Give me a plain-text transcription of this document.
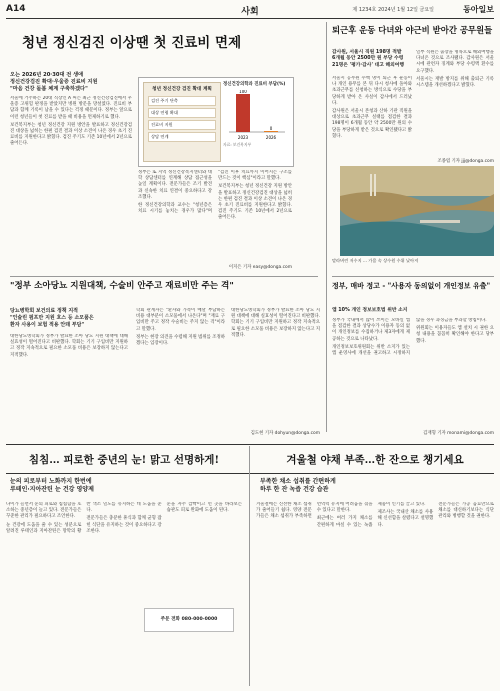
A14	사회	제 1234호 2024년 1월 12일 금요일	동아일보
청년 정신검진 이상땐 첫 진료비 면제
오는 2026년 20·30대 전 생애
정신건강검진 확대·우울증 진료비 지원
"마음 건강 돌봄 체계 구축하겠다"

서울에 거주하는 20대 직장인 A 씨는 최근 정신건강검진에서 우울증 고위험 판정을 받았지만 병원 방문을 망설였다. 진료비 부담과 함께 기록이 남을 수 있다는 걱정 때문이다. 정부는 앞으로 이런 청년들이 첫 진료를 받을 때 비용을 면제하기로 했다.

보건복지부는 청년 정신건강 지원 방안을 발표하고 정신건강검진 대상을 넓히는 한편 검진 결과 이상 소견이 나온 경우 초기 진료비를 지원한다고 밝혔다. 검진 주기도 기존 10년에서 2년으로 줄어든다.

청년 정신건강 검진 확대 계획
검진 주기 단축
대상 연령 확대
진료비 지원
상담 연계
정신건강의학과 진료비 부담(%)
100
2023
0
2026
자료: 보건복지부

정부는 또 지역 정신건강복지센터와 대학 상담센터를 연계해 상담 접근성을 높일 계획이다. 전문가들은 조기 발견과 신속한 치료 연결이 중요하다고 강조했다.

한 정신건강의학과 교수는 "청년층은 치료 시기를 놓치는 경우가 많다"며 "검진 이후 치료까지 이어지는 구조를 만드는 것이 핵심"이라고 말했다.

보건복지부는 청년 정신건강 지원 방안을 발표하고 정신건강검진 대상을 넓히는 한편 검진 결과 이상 소견이 나온 경우 초기 진료비를 지원한다고 밝혔다. 검진 주기도 기존 10년에서 2년으로 줄어든다.

이지은 기자 easy@donga.com
"정부 소아당뇨 지원대책, 수술비 안주고 재료비만 주는 격"
당뇨병학회 보건의료 정책 지적
"인슐린 펌프만 지원 호스 등 소모품은
환자 사용이 보험 적용 안돼 부담"

대한당뇨병학회가 정부가 발표한 소아 당뇨 지원 대책에 대해 실효성이 떨어진다고 비판했다. 학회는 기기 구입비만 지원하고 정작 지속적으로 필요한 소모품 비용은 보장하지 않는다고 지적했다.

학회 관계자는 "환자와 가족이 매달 부담하는 비용 대부분이 소모품에서 나온다"며 "재료 구입비만 주고 정작 수술비는 주지 않는 격"이라고 말했다.

정부는 현장 의견을 수렴해 지원 범위를 조정하겠다는 입장이다.

대한당뇨병학회가 정부가 발표한 소아 당뇨 지원 대책에 대해 실효성이 떨어진다고 비판했다. 학회는 기기 구입비만 지원하고 정작 지속적으로 필요한 소모품 비용은 보장하지 않는다고 지적했다.

김도현 기자 dohyun@donga.com
퇴근후 운동 다녀와 야근비 받아간 공무원들
감사원, 서울시 직원 198명 적발
6개월 동안 2500만 원 부당 수령
21명은 '평가·감사' 대고 해외여행

서울시 공무원 수백 명이 퇴근 후 운동이나 개인 용무를 본 뒤 다시 청사에 돌아와 초과근무를 신청하는 방식으로 수당을 부당하게 받아 온 사실이 감사에서 드러났다.

감사원은 서울시 본청과 산하 기관 직원을 대상으로 초과근무 실태를 점검한 결과 198명이 6개월 동안 약 2500만 원의 수당을 부당하게 받은 것으로 확인됐다고 밝혔다.

일부 직원은 출장을 명목으로 해외여행을 다녀온 것으로 조사됐다. 감사원은 서울시에 관련자 징계와 부당 수령액 환수를 요구했다.

서울시는 재발 방지를 위해 출퇴근 기록 시스템을 개선하겠다고 밝혔다.

조종엽 기자 jjj@donga.com
말라버린 저수지 ... 가뭄 속 상수원 수위 낮아져
정부, 매바 정고 - "사용자 동의없이 개인정보 유출"
앱 10% 개인 정보보호법 위반 소지

정부가 국내에서 많이 쓰이는 모바일 앱을 점검한 결과 상당수가 이용자 동의 없이 개인정보를 수집하거나 제3자에게 제공하는 것으로 나타났다.

개인정보보호위원회는 위반 소지가 있는 앱 운영사에 개선을 권고하고 시정하지 않을 경우 과징금을 부과할 방침이다.

위원회는 이용자들도 앱 설치 시 권한 요청 내용을 꼼꼼히 확인해야 한다고 당부했다.

김재형 기자 monami@donga.com
침침… 피로한 중년의 눈! 맑고 선명하게!	겨울철 야채 부족…한 잔으로 챙기세요
눈의 피로부터 노화까지 한번에
루테인·지아잔틴 눈 건강 영양제

나이가 들면서 눈의 피로와 침침함을 호소하는 중년층이 늘고 있다. 전문가들은 꾸준한 관리가 필요하다고 조언한다.

눈 건강에 도움을 줄 수 있는 성분으로 알려진 루테인과 지아잔틴은 망막의 황반 색소 밀도를 유지하는 데 도움을 준다.

전문가들은 충분한 휴식과 함께 균형 잡힌 식단을 유지하는 것이 중요하다고 강조한다.

눈을 자주 깜빡이고 먼 곳을 바라보는 습관도 피로 완화에 도움이 된다.

주문 전화 080-000-0000
부족한 채소 섭취를 간편하게
하루 한 잔 녹즙 건강 습관

겨울철에는 신선한 채소 섭취가 줄어들기 쉽다. 영양 전문가들은 채소 섭취가 부족하면 면역력 유지에 어려움을 겪을 수 있다고 말한다.

최근에는 여러 가지 채소를 간편하게 마실 수 있는 녹즙 제품이 인기를 끌고 있다.

제조사는 국내산 채소를 사용해 신선함을 살렸다고 설명했다.

전문가들은 가공 음료만으로 채소를 대신하기보다는 식단 관리와 병행할 것을 권한다.
